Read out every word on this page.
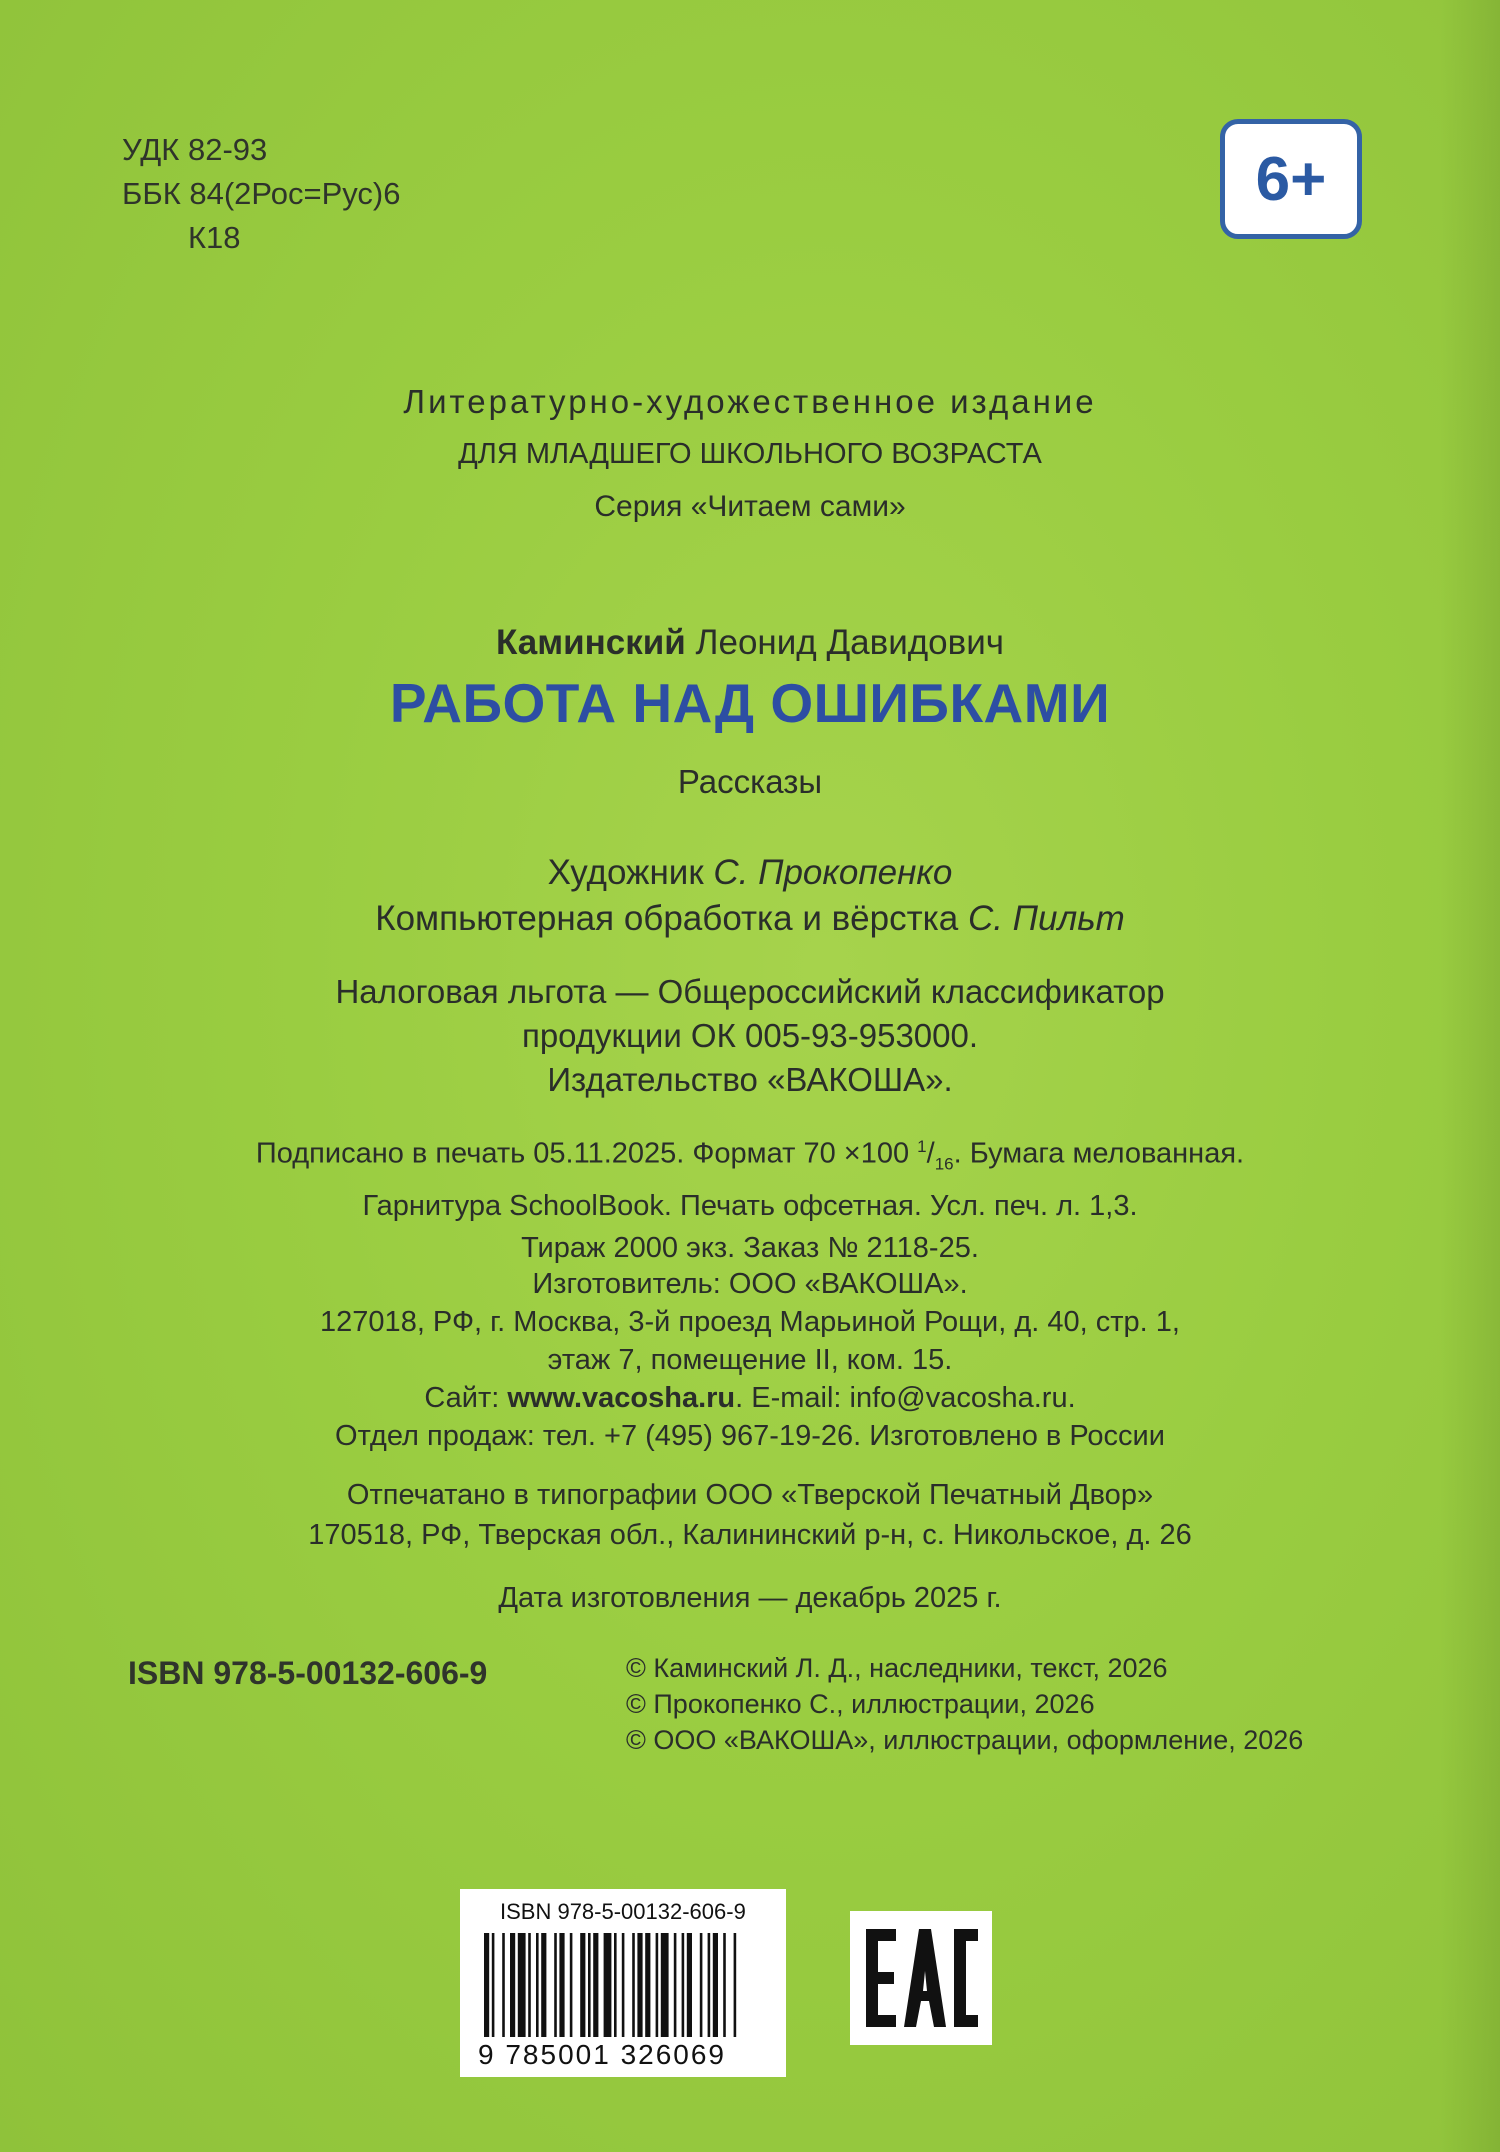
УДК 82-93
ББК 84(2Рос=Рус)6
К18
6+
Литературно-художественное издание
ДЛЯ МЛАДШЕГО ШКОЛЬНОГО ВОЗРАСТА
Серия «Читаем сами»
Каминский Леонид Давидович
РАБОТА НАД ОШИБКАМИ
Рассказы
Художник С. Прокопенко
Компьютерная обработка и вёрстка С. Пильт
Налоговая льгота — Общероссийский классификатор
продукции ОК 005-93-953000.
Издательство «ВАКОША».
Подписано в печать 05.11.2025. Формат 70 ×100 $^1/_{16}$. Бумага мелованная.
Гарнитура SchoolBook. Печать офсетная. Усл. печ. л. 1,3.
Тираж 2000 экз. Заказ № 2118-25.
Изготовитель: ООО «ВАКОША».
127018, РФ, г. Москва, 3-й проезд Марьиной Рощи, д. 40, стр. 1,
этаж 7, помещение II, ком. 15.
Сайт: www.vacosha.ru. E-mail: info@vacosha.ru.
Отдел продаж: тел. +7 (495) 967-19-26. Изготовлено в России
Отпечатано в типографии ООО «Тверской Печатный Двор»
170518, РФ, Тверская обл., Калининский р-н, с. Никольское, д. 26
Дата изготовления — декабрь 2025 г.
ISBN 978-5-00132-606-9	© Каминский Л. Д., наследники, текст, 2026
© Прокопенко С., иллюстрации, 2026
© ООО «ВАКОША», иллюстрации, оформление, 2026
ISBN 978-5-00132-606-9
9 785001 326069
